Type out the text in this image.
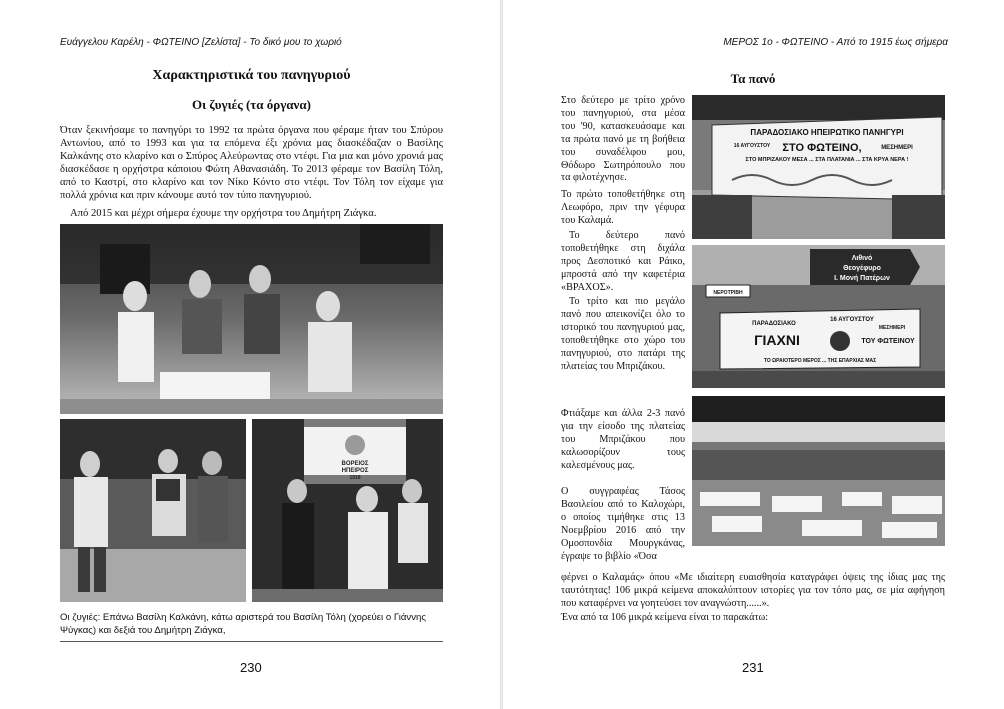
Ευάγγελου Καρέλη - ΦΩΤΕΙΝΟ [Ζελίστα] - Το δικό μου το χωριό
Χαρακτηριστικά του πανηγυριού
Οι ζυγιές (τα όργανα)

Όταν ξεκινήσαμε το πανηγύρι το 1992 τα πρώτα όργανα που φέραμε ήταν του Σπύρου Αντωνίου, από το 1993 και για τα επόμενα έξι χρόνια μας διασκέδαζαν ο Βασίλης Καλκάνης στο κλαρίνο και ο Σπύρος Αλεύρωντας στο ντέφι. Για μια και μόνο χρονιά μας διασκέδασε η ορχήστρα κάποιου Φώτη Αθανασιάδη. Το 2013 φέραμε τον Βασίλη Τόλη, από το Καστρί, στο κλαρίνο και τον Νίκο Κόντο στο ντέφι. Τον Τόλη τον είχαμε για πολλά χρόνια και πριν κάνουμε αυτό τον τύπο πανηγυριού.

Από 2015 και μέχρι σήμερα έχουμε την ορχήστρα του Δημήτρη Ζιάγκα.

ΒΟΡΕΙΟΣ
ΗΠΕΙΡΟΣ
1918
Οι ζυγιές: Επάνω Βασίλη Καλκάνη, κάτω αριστερά του Βασίλη Τόλη (χορεύει ο Γιάννης Ψύγκας) και δεξιά του Δημήτρη Ζιάγκα,
230
ΜΕΡΟΣ 1ο - ΦΩΤΕΙΝΟ - Από το 1915 έως σήμερα
Τα πανό

Στο δεύτερο με τρίτο χρόνο του πανηγυριού, στα μέσα του '90, κατασκευάσαμε και τα πρώτα πανό με τη βοήθεια του συναδέλφου μου, Θόδωρο Σωτηρόπουλο που τα φιλοτέχνησε.

Το πρώτο τοποθετήθηκε στη Λεωφόρο, πριν την γέφυρα του Καλαμά.

Το δεύτερο πανό τοποθετήθηκε στη διχάλα προς Δεσποτικό και Ράικο, μπροστά από την καφετέρια «ΒΡΑΧΟΣ».

Το τρίτο και πιο μεγάλο πανό που απεικονίζει όλο το ιστορικό του πανηγυριού μας, τοποθετήθηκε στο χώρο του πανηγυριού, στο πατάρι της πλατείας του Μπριζάκου.

Φτιάξαμε και άλλα 2-3 πανό για την είσοδο της πλατείας του Μπριζάκου που καλωσορίζουν τους καλεσμένους μας.

Ο συγγραφέας Τάσος Βασιλείου από το Καλοχώρι, ο οποίος τιμήθηκε στις 13 Νοεμβρίου 2016 από την Ομοσπονδία Μουργκάνας, έγραψε το βιβλίο «Όσα

φέρνει ο Καλαμάς» όπου «Με ιδιαίτερη ευαισθησία καταγράφει όψεις της ίδιας μας της ταυτότητας! 106 μικρά κείμενα αποκαλύπτουν ιστορίες για τον τόπο μας, σε μία αφήγηση που καταφέρνει να γοητεύσει τον αναγνώστη......».

Ένα από τα 106 μικρά κείμενα είναι το παρακάτω:

ΠΑΡΑΔΟΣΙΑΚΟ ΗΠΕΙΡΩΤΙΚΟ ΠΑΝΗΓΥΡΙ
16 ΑΥΓΟΥΣΤΟΥ ΣΤΟ ΦΩΤΕΙΝΟ,	ΜΕΣΗΜΕΡΙ
ΣΤΟ ΜΠΡΙΖΑΚΟΥ ΜΕΣΑ ... ΣΤΑ ΠΛΑΤΑΝΙΑ ... ΣΤΑ ΚΡΥΑ ΝΕΡΑ !
Λιθινό
Θεογέφυρο
Ι. Μονή Πατέρων
ΝΕΡΟΤΡΙΒΗ
ΠΑΡΑΔΟΣΙΑΚΟ
16 ΑΥΓΟΥΣΤΟΥ
ΜΕΣΗΜΕΡΙ
ΓΙΑΧΝΙ	ΤΟΥ ΦΩΤΕΙΝΟΥ
ΤΟ ΩΡΑΙΟΤΕΡΟ ΜΕΡΟΣ ... ΤΗΣ ΕΠΑΡΧΙΑΣ ΜΑΣ
231
